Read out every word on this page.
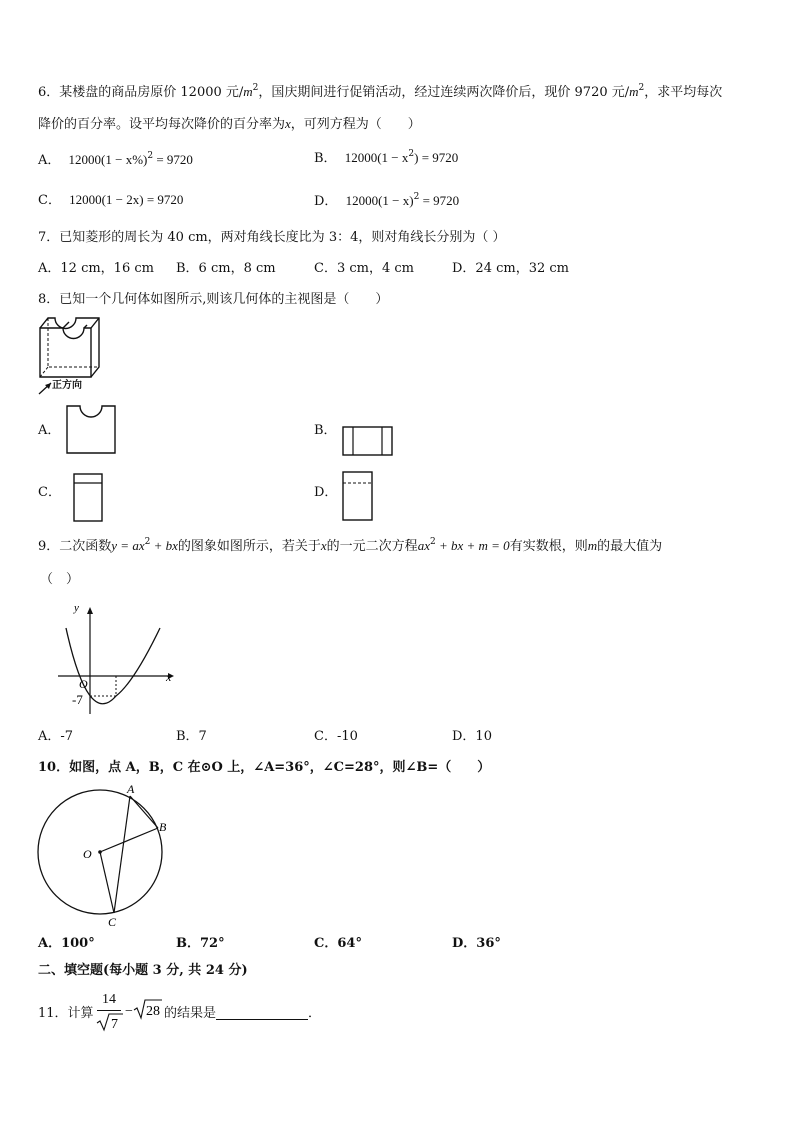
6．某楼盘的商品房原价 12000 元$/m^2$，国庆期间进行促销活动，经过连续两次降价后，现价 9720 元$/m^2$，求平均每次
降价的百分率。设平均每次降价的百分率为x，可列方程为（　　）
A． $12000(1 - x\%)^2 = 9720$	B． $12000(1 - x^2) = 9720$
C． 12000(1 − 2x) = 9720	D． $12000(1 - x)^2 = 9720$
7．已知菱形的周长为 40 cm，两对角线长度比为 3：4，则对角线长分别为（ ）
A．12 cm，16 cm B．6 cm，8 cm	C．3 cm，4 cm	D．24 cm，32 cm
8．已知一个几何体如图所示,则该几何体的主视图是（　　）
正方向
A．	B．
C．	D．
9．二次函数$y = ax^2$ + bx的图象如图所示，若关于x的一元二次方程$ax^2$ + bx + m = 0有实数根，则m的最大值为
（　）
y
x
O
-7
A．-7	B．7	C．-10	D．10
10．如图，点 A，B，C 在⊙O 上，∠A=36°，∠C=28°，则∠B=（　　）
A
B
C
O
A．100°	B．72°	C．64°	D．36°
二、填空题(每小题 3 分, 共 24 分)
11．计算
14
7
− 28 的结果是	．
